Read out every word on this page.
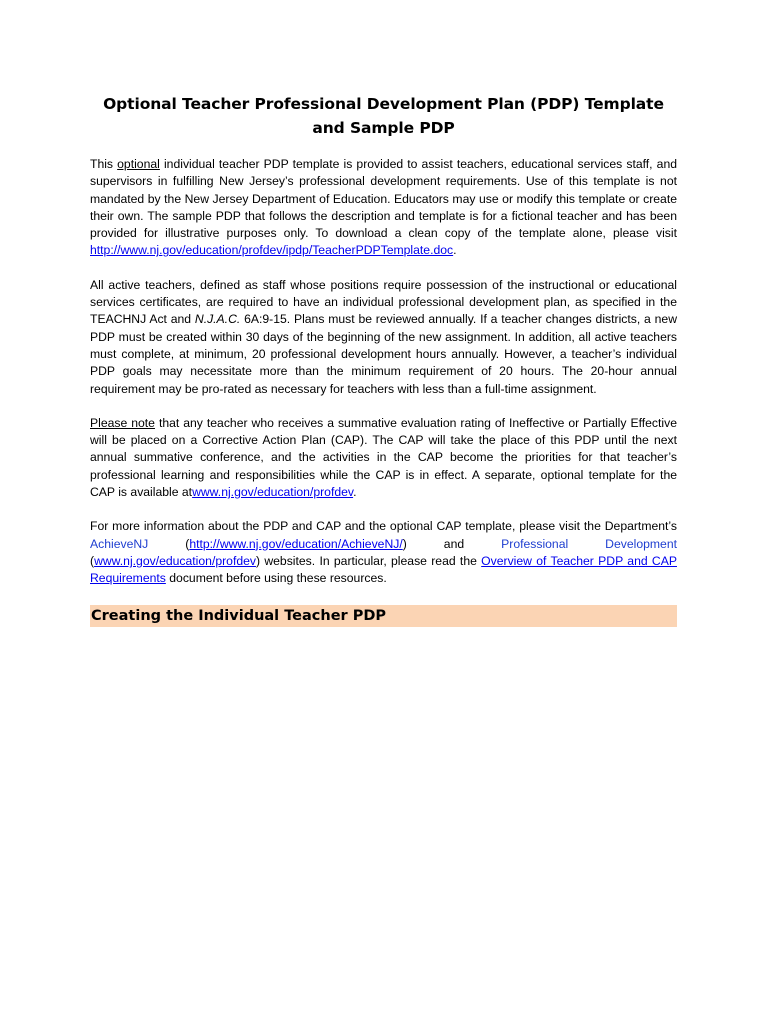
Optional Teacher Professional Development Plan (PDP) Template and Sample PDP

This optional individual teacher PDP template is provided to assist teachers, educational services staff, and supervisors in fulfilling New Jersey’s professional development requirements. Use of this template is not mandated by the New Jersey Department of Education. Educators may use or modify this template or create their own. The sample PDP that follows the description and template is for a fictional teacher and has been provided for illustrative purposes only. To download a clean copy of the template alone, please visit http://www.nj.gov/education/profdev/ipdp/TeacherPDPTemplate.doc.

All active teachers, defined as staff whose positions require possession of the instructional or educational services certificates, are required to have an individual professional development plan, as specified in the TEACHNJ Act and N.J.A.C. 6A:9-15. Plans must be reviewed annually. If a teacher changes districts, a new PDP must be created within 30 days of the beginning of the new assignment. In addition, all active teachers must complete, at minimum, 20 professional development hours annually. However, a teacher’s individual PDP goals may necessitate more than the minimum requirement of 20 hours. The 20-hour annual requirement may be pro-rated as necessary for teachers with less than a full-time assignment.

Please note that any teacher who receives a summative evaluation rating of Ineffective or Partially Effective will be placed on a Corrective Action Plan (CAP). The CAP will take the place of this PDP until the next annual summative conference, and the activities in the CAP become the priorities for that teacher’s professional learning and responsibilities while the CAP is in effect. A separate, optional template for the CAP is available atwww.nj.gov/education/profdev.

For more information about the PDP and CAP and the optional CAP template, please visit the Department’s AchieveNJ (http://www.nj.gov/education/AchieveNJ/) and Professional Development (www.nj.gov/education/profdev) websites. In particular, please read the Overview of Teacher PDP and CAP Requirements document before using these resources.

Creating the Individual Teacher PDP
